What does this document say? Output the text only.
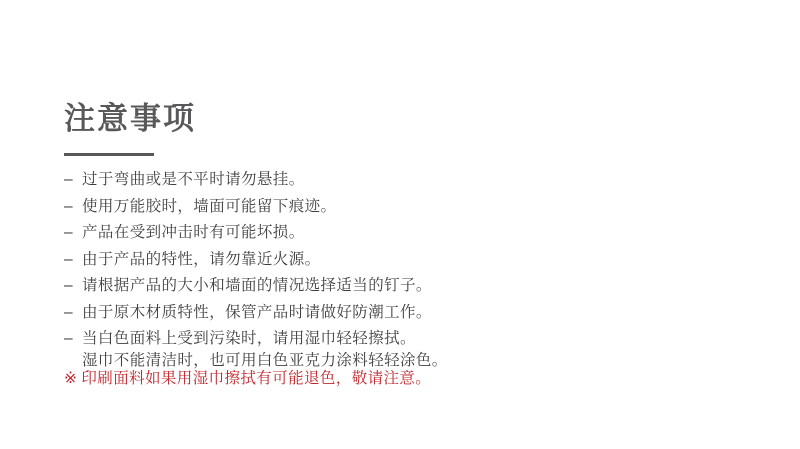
注意事项
– 过于弯曲或是不平时请勿悬挂。
– 使用万能胶时，墙面可能留下痕迹。
– 产品在受到冲击时有可能坏损。
– 由于产品的特性，请勿靠近火源。
– 请根据产品的大小和墙面的情况选择适当的钉子。
– 由于原木材质特性，保管产品时请做好防潮工作。
– 当白色面料上受到污染时，请用湿巾轻轻擦拭。
湿巾不能清洁时，也可用白色亚克力涂料轻轻涂色。
※ 印刷面料如果用湿巾擦拭有可能退色，敬请注意。
